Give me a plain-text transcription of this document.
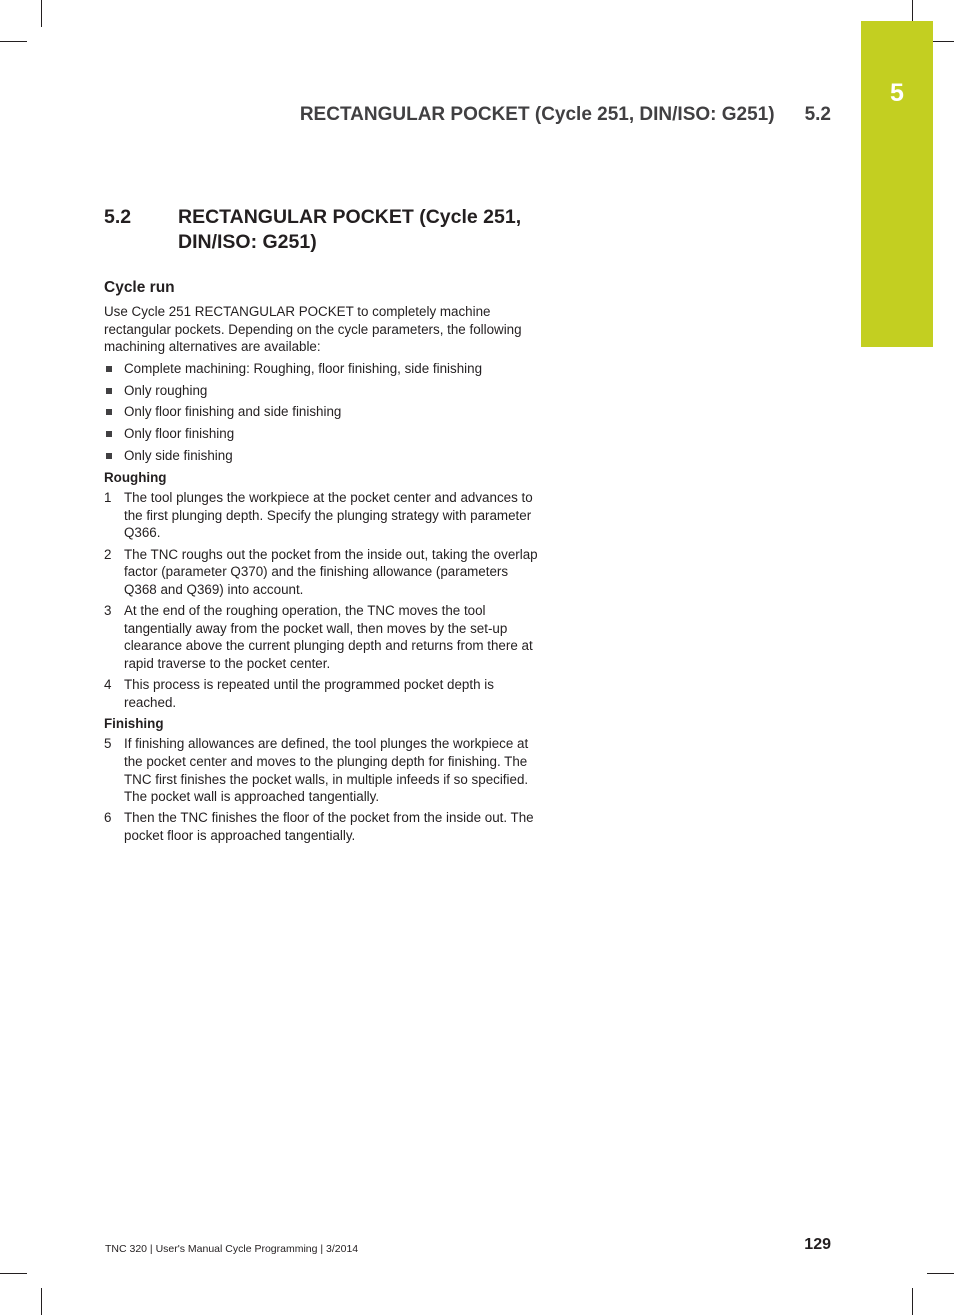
5
RECTANGULAR POCKET (Cycle 251, DIN/ISO: G251) 5.2
5.2 RECTANGULAR POCKET (Cycle 251, DIN/ISO: G251)
Cycle run

Use Cycle 251 RECTANGULAR POCKET to completely machine rectangular pockets. Depending on the cycle parameters, the following machining alternatives are available:

Complete machining: Roughing, floor finishing, side finishing
Only roughing
Only floor finishing and side finishing
Only floor finishing
Only side finishing
Roughing
1 The tool plunges the workpiece at the pocket center and advances to the first plunging depth. Specify the plunging strategy with parameter Q366.
2 The TNC roughs out the pocket from the inside out, taking the overlap factor (parameter Q370) and the finishing allowance (parameters Q368 and Q369) into account.
3 At the end of the roughing operation, the TNC moves the tool tangentially away from the pocket wall, then moves by the set-up clearance above the current plunging depth and returns from there at rapid traverse to the pocket center.
4 This process is repeated until the programmed pocket depth is reached.
Finishing
5 If finishing allowances are defined, the tool plunges the workpiece at the pocket center and moves to the plunging depth for finishing. The TNC first finishes the pocket walls, in multiple infeeds if so specified. The pocket wall is approached tangentially.
6 Then the TNC finishes the floor of the pocket from the inside out. The pocket floor is approached tangentially.
TNC 320 | User's Manual Cycle Programming | 3/2014	129
